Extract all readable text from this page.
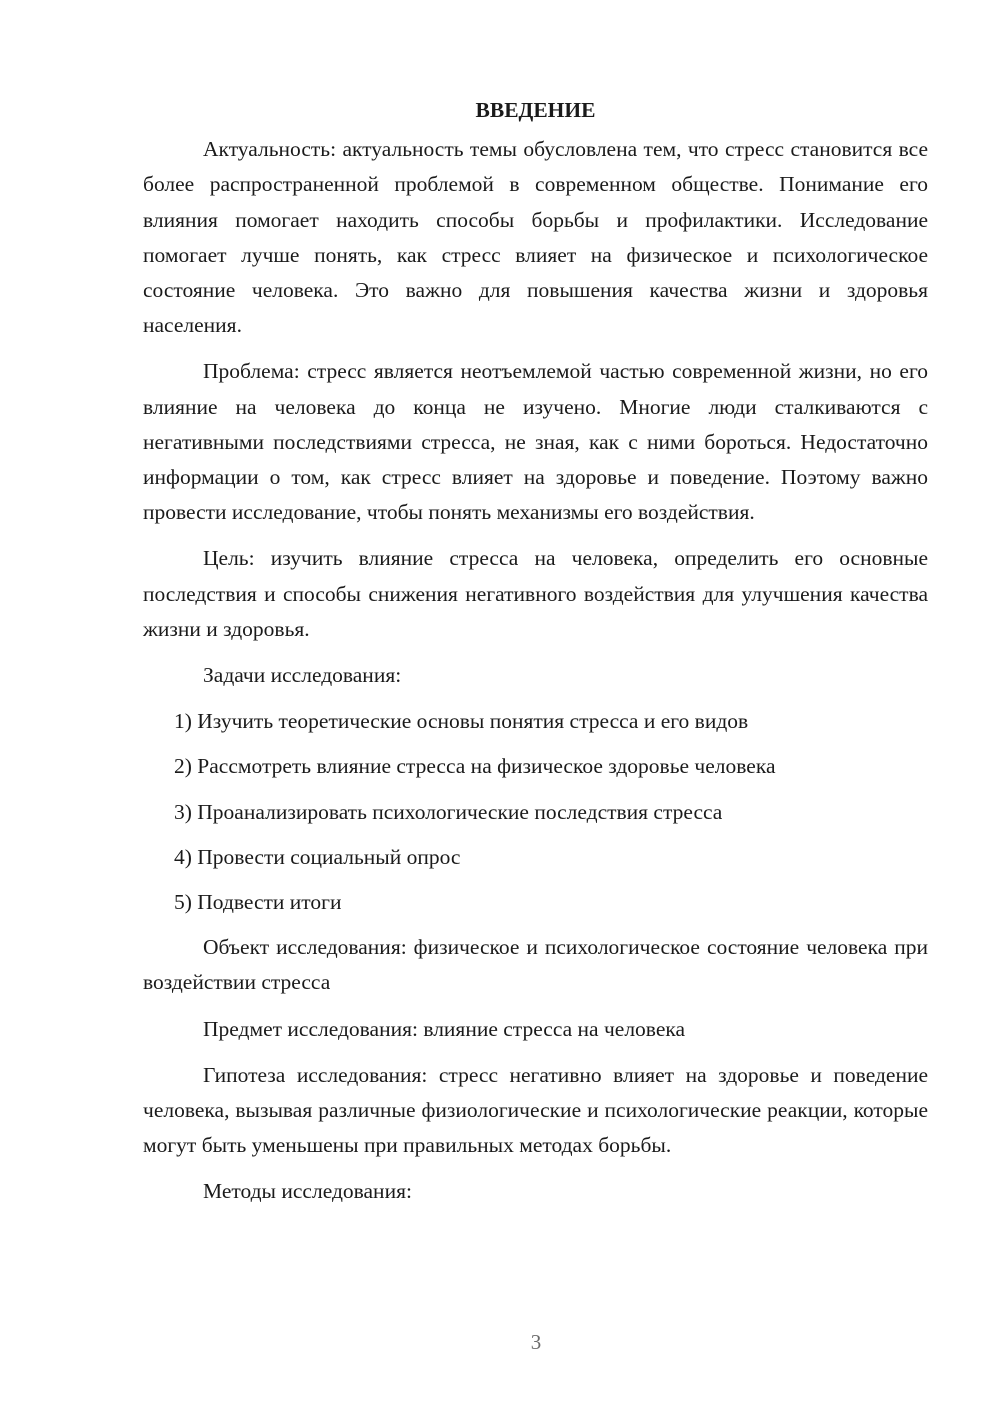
ВВЕДЕНИЕ

Актуальность: актуальность темы обусловлена тем, что стресс становится все более распространенной проблемой в современном обществе. Понимание его влияния помогает находить способы борьбы и профилактики. Исследование помогает лучше понять, как стресс влияет на физическое и психологическое состояние человека. Это важно для повышения качества жизни и здоровья населения.

Проблема: стресс является неотъемлемой частью современной жизни, но его влияние на человека до конца не изучено. Многие люди сталкиваются с негативными последствиями стресса, не зная, как с ними бороться. Недостаточно информации о том, как стресс влияет на здоровье и поведение. Поэтому важно провести исследование, чтобы понять механизмы его воздействия.

Цель: изучить влияние стресса на человека, определить его основные последствия и способы снижения негативного воздействия для улучшения качества жизни и здоровья.

Задачи исследования:

1) Изучить теоретические основы понятия стресса и его видов
2) Рассмотреть влияние стресса на физическое здоровье человека
3) Проанализировать психологические последствия стресса
4) Провести социальный опрос
5) Подвести итоги

Объект исследования: физическое и психологическое состояние человека при воздействии стресса

Предмет исследования: влияние стресса на человека

Гипотеза исследования: стресс негативно влияет на здоровье и поведение человека, вызывая различные физиологические и психологические реакции, которые могут быть уменьшены при правильных методах борьбы.

Методы исследования:

3
